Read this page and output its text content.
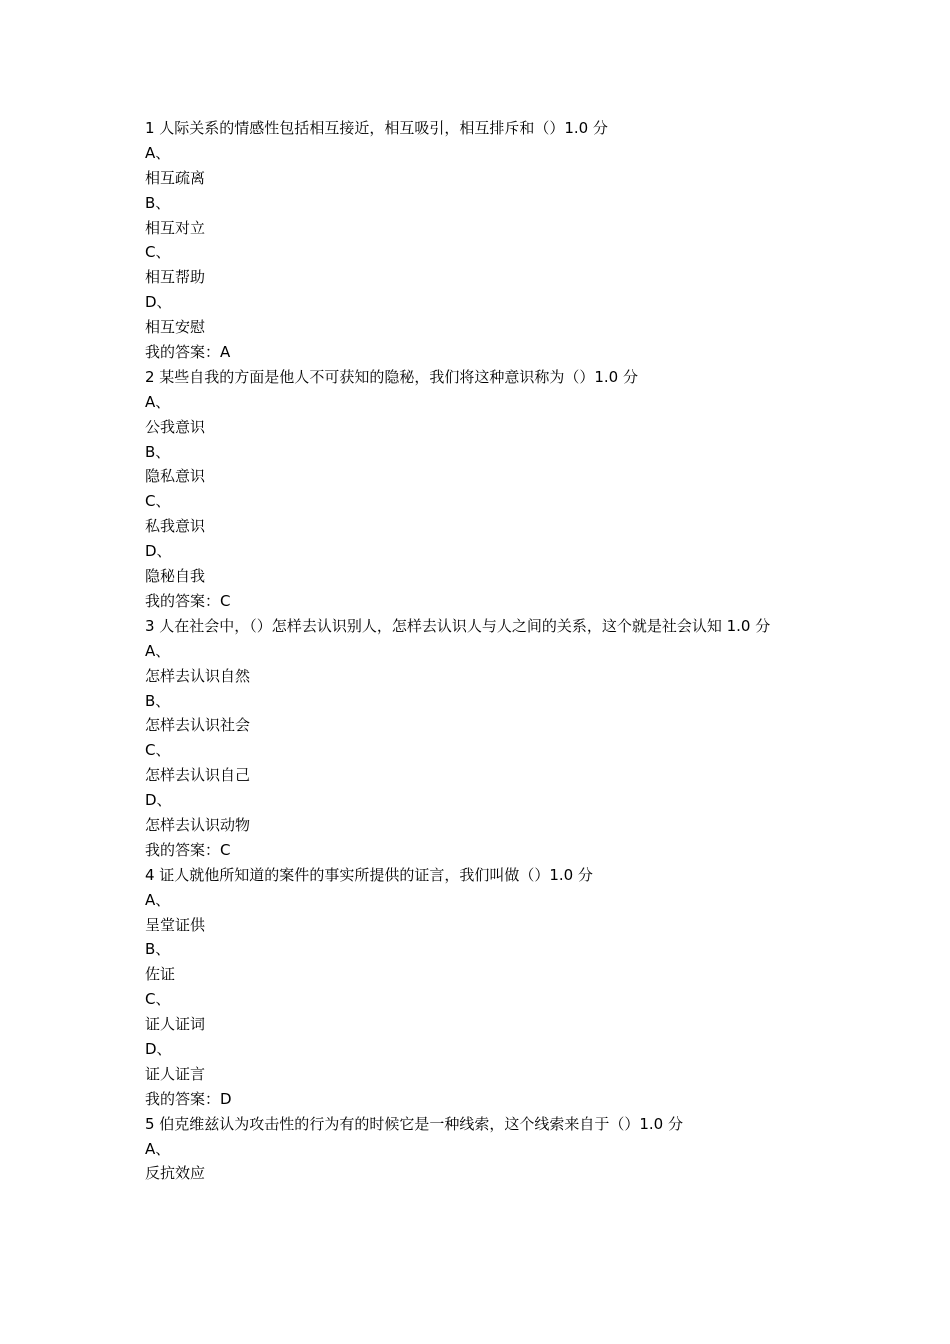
1 人际关系的情感性包括相互接近，相互吸引，相互排斥和（）1.0 分
A、
相互疏离
B、
相互对立
C、
相互帮助
D、
相互安慰
我的答案：A
2 某些自我的方面是他人不可获知的隐秘，我们将这种意识称为（）1.0 分
A、
公我意识
B、
隐私意识
C、
私我意识
D、
隐秘自我
我的答案：C
3 人在社会中，（）怎样去认识别人，怎样去认识人与人之间的关系，这个就是社会认知 1.0 分
A、
怎样去认识自然
B、
怎样去认识社会
C、
怎样去认识自己
D、
怎样去认识动物
我的答案：C
4 证人就他所知道的案件的事实所提供的证言，我们叫做（）1.0 分
A、
呈堂证供
B、
佐证
C、
证人证词
D、
证人证言
我的答案：D
5 伯克维兹认为攻击性的行为有的时候它是一种线索，这个线索来自于（）1.0 分
A、
反抗效应
